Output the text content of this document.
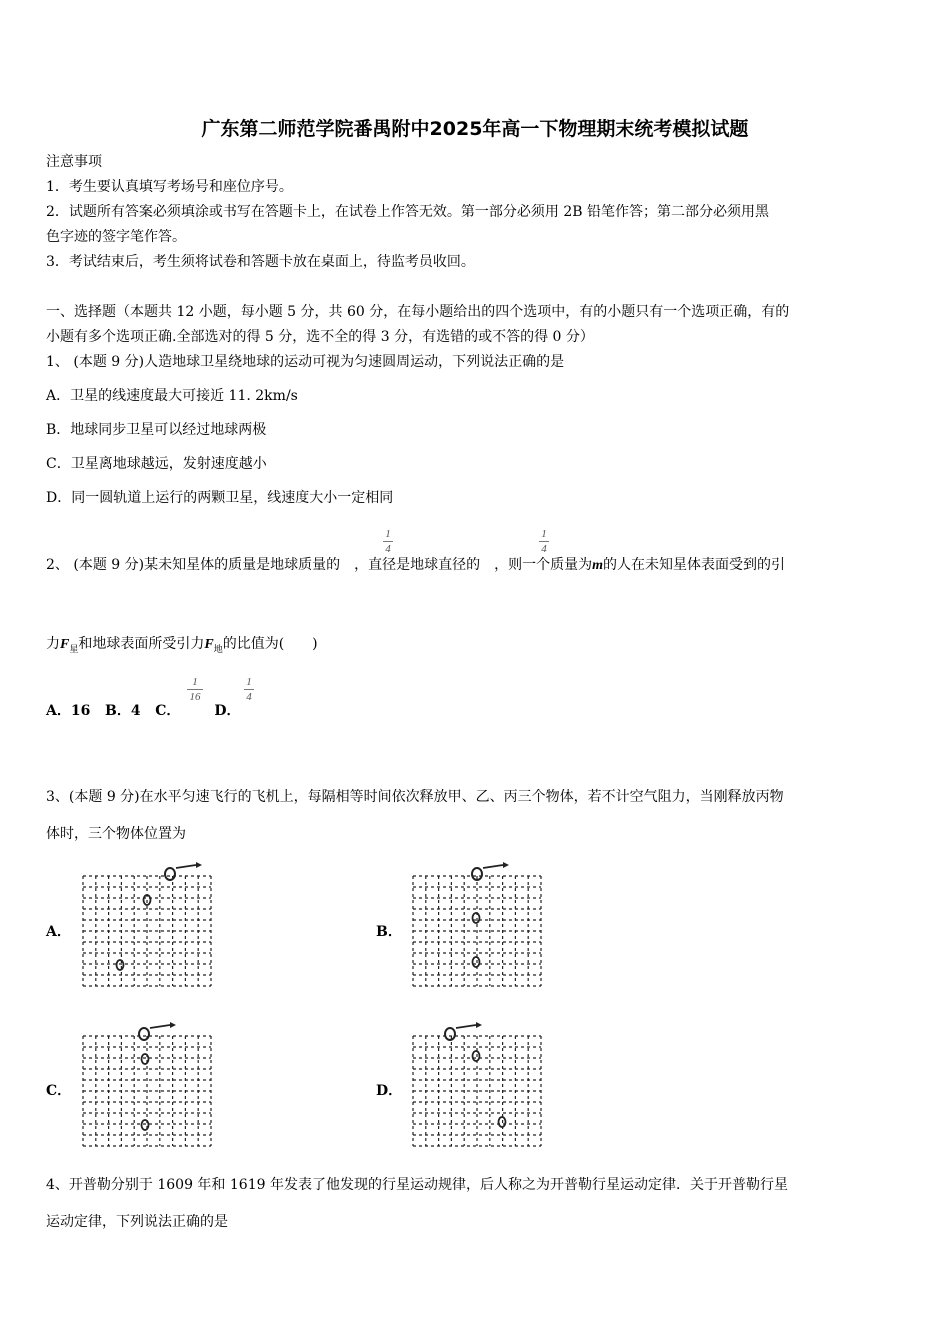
广东第二师范学院番禺附中2025年高一下物理期末统考模拟试题
注意事项
1．考生要认真填写考场号和座位序号。
2．试题所有答案必须填涂或书写在答题卡上，在试卷上作答无效。第一部分必须用 2B 铅笔作答；第二部分必须用黑
色字迹的签字笔作答。
3．考试结束后，考生须将试卷和答题卡放在桌面上，待监考员收回。
一、选择题（本题共 12 小题，每小题 5 分，共 60 分，在每小题给出的四个选项中，有的小题只有一个选项正确，有的
小题有多个选项正确.全部选对的得 5 分，选不全的得 3 分，有选错的或不答的得 0 分）
1、 (本题 9 分)人造地球卫星绕地球的运动可视为匀速圆周运动，下列说法正确的是
A．卫星的线速度最大可接近 11. 2km/s
B．地球同步卫星可以经过地球两极
C．卫星离地球越远，发射速度越小
D．同一圆轨道上运行的两颗卫星，线速度大小一定相同
2、 (本题 9 分)某未知星体的质量是地球质量的 ，直径是地球直径的 ，则一个质量为m的人在未知星体表面受到的引
1
4
1
4
力$F_星$和地球表面所受引力$F_地$的比值为(　　)
A．16 B．4 C． D．
1
16
1
4
3、(本题 9 分)在水平匀速飞行的飞机上，每隔相等时间依次释放甲、乙、丙三个物体，若不计空气阻力，当刚释放丙物
体时，三个物体位置为
A．	B．
C．	D．
4、开普勒分别于 1609 年和 1619 年发表了他发现的行星运动规律，后人称之为开普勒行星运动定律．关于开普勒行星
运动定律，下列说法正确的是
